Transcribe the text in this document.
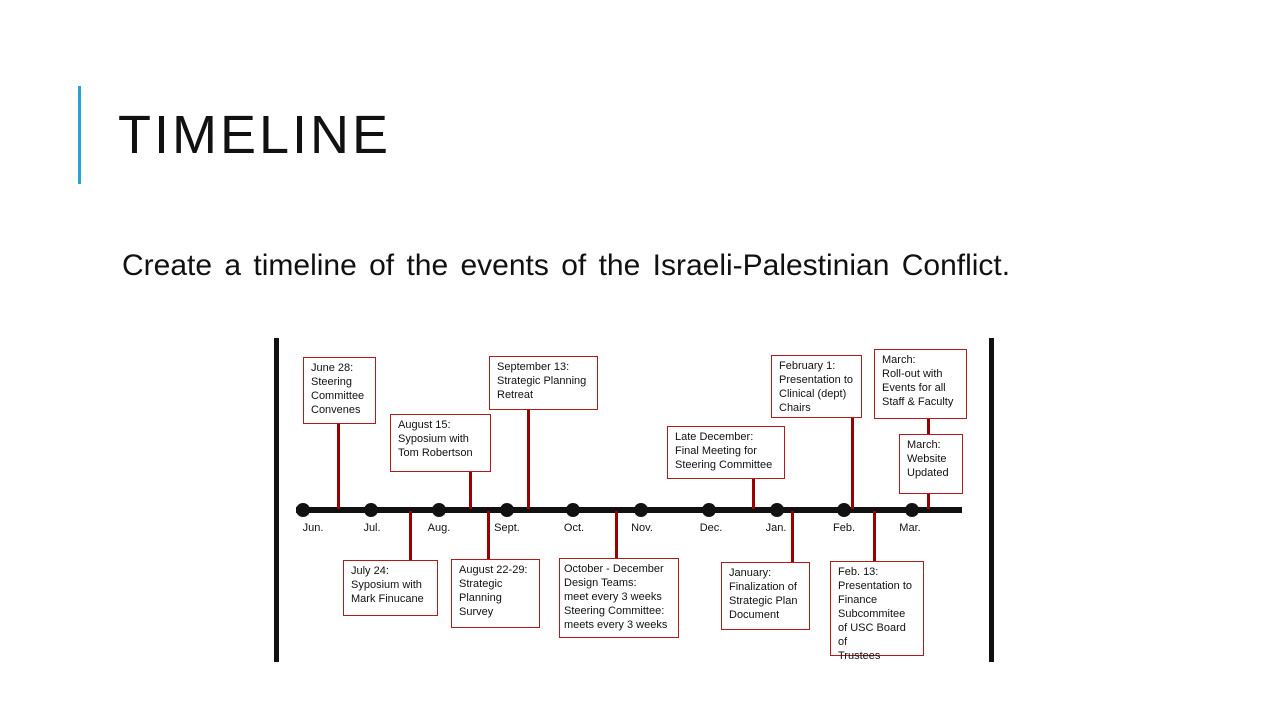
TIMELINE

Create a timeline of the events of the Israeli-Palestinian Conflict.

Jun.	Jul.	Aug.	Sept.	Oct.	Nov.	Dec.	Jan.	Feb.	Mar.
June 28:
Steering
Committee
Convenes
August 15:
Syposium with
Tom Robertson
September 13:
Strategic Planning
Retreat
Late December:
Final Meeting for
Steering Committee
February 1:
Presentation to
Clinical (dept)
Chairs
March:
Roll-out with
Events for all
Staff & Faculty
March:
Website
Updated
July 24:
Syposium with
Mark Finucane
August 22-29:
Strategic
Planning
Survey
October - December
Design Teams:
meet every 3 weeks
Steering Committee:
meets every 3 weeks
January:
Finalization of
Strategic Plan
Document
Feb. 13:
Presentation to
Finance
Subcommitee
of USC Board of
Trustees
